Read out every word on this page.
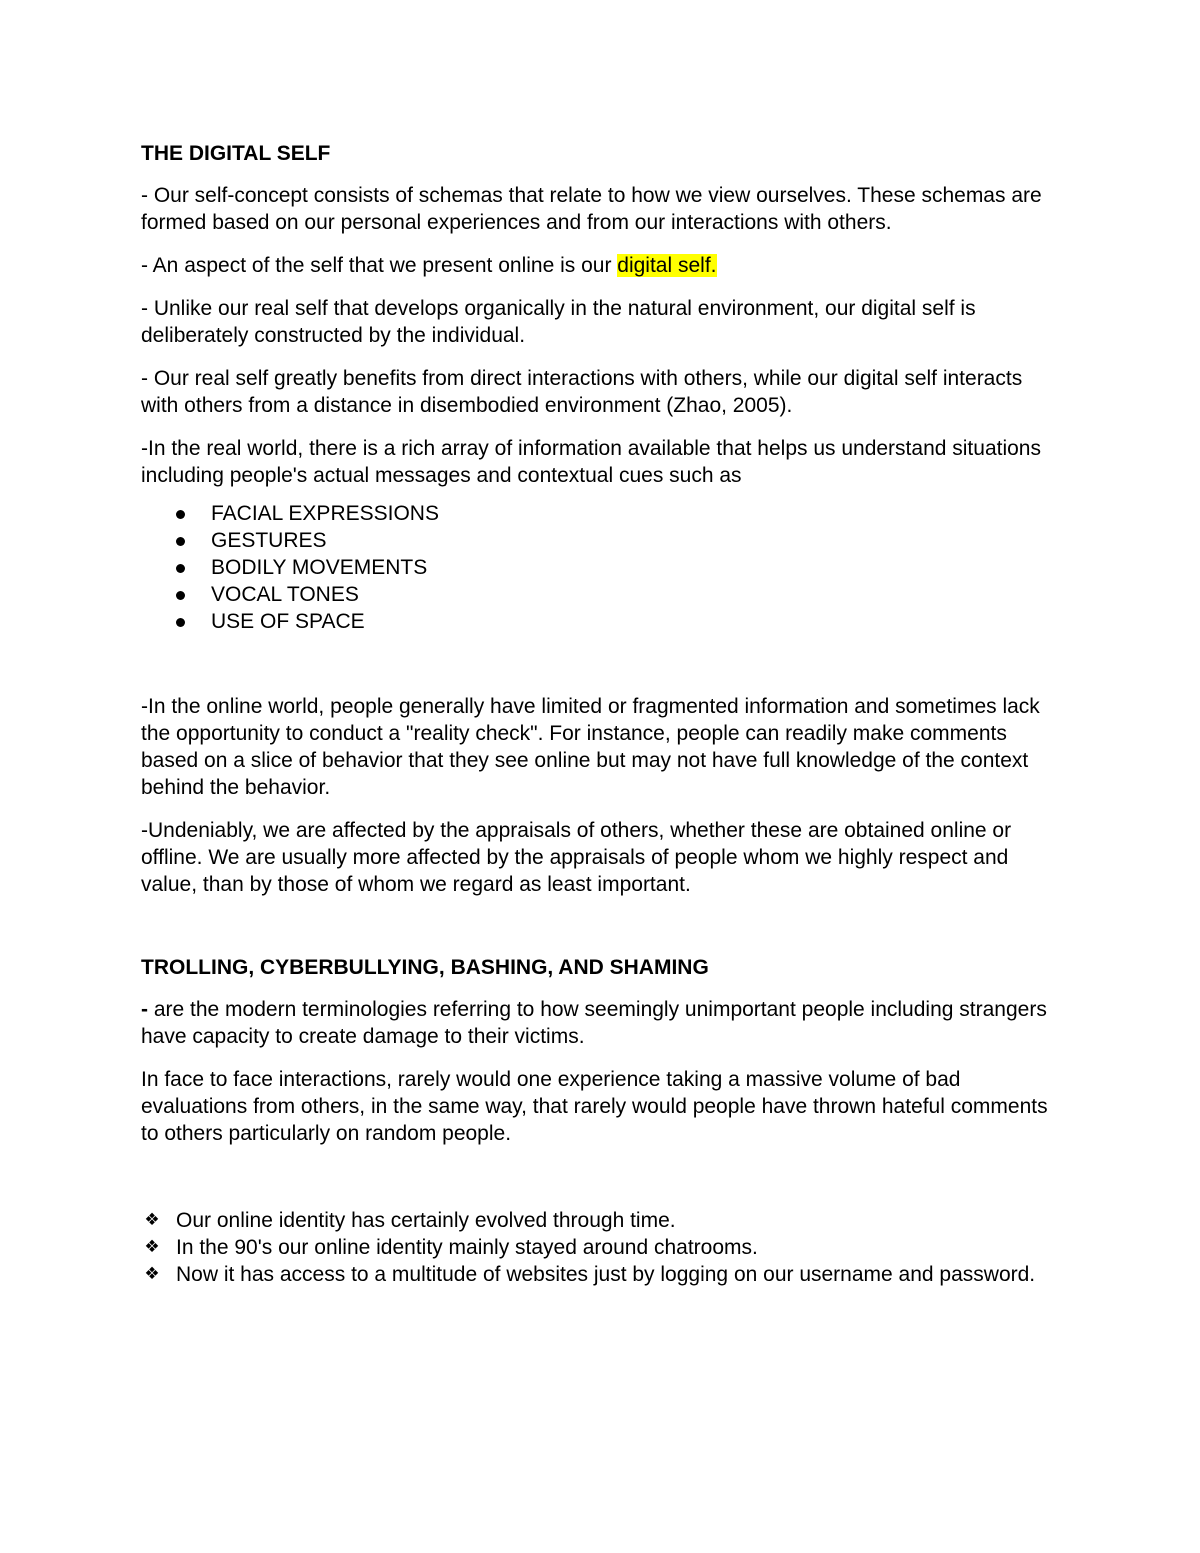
THE DIGITAL SELF
- Our self-concept consists of schemas that relate to how we view ourselves. These schemas are formed based on our personal experiences and from our interactions with others.
- An aspect of the self that we present online is our digital self.
- Unlike our real self that develops organically in the natural environment, our digital self is deliberately constructed by the individual.
- Our real self greatly benefits from direct interactions with others, while our digital self interacts with others from a distance in disembodied environment (Zhao, 2005).
-In the real world, there is a rich array of information available that helps us understand situations including people's actual messages and contextual cues such as
FACIAL EXPRESSIONS
GESTURES
BODILY MOVEMENTS
VOCAL TONES
USE OF SPACE
-In the online world, people generally have limited or fragmented information and sometimes lack the opportunity to conduct a "reality check". For instance, people can readily make comments based on a slice of behavior that they see online but may not have full knowledge of the context behind the behavior.
-Undeniably, we are affected by the appraisals of others, whether these are obtained online or offline. We are usually more affected by the appraisals of people whom we highly respect and value, than by those of whom we regard as least important.
TROLLING, CYBERBULLYING, BASHING, AND SHAMING
- are the modern terminologies referring to how seemingly unimportant people including strangers have capacity to create damage to their victims.
In face to face interactions, rarely would one experience taking a massive volume of bad evaluations from others, in the same way, that rarely would people have thrown hateful comments to others particularly on random people.
❖ Our online identity has certainly evolved through time.
❖ In the 90's our online identity mainly stayed around chatrooms.
❖ Now it has access to a multitude of websites just by logging on our username and password.
